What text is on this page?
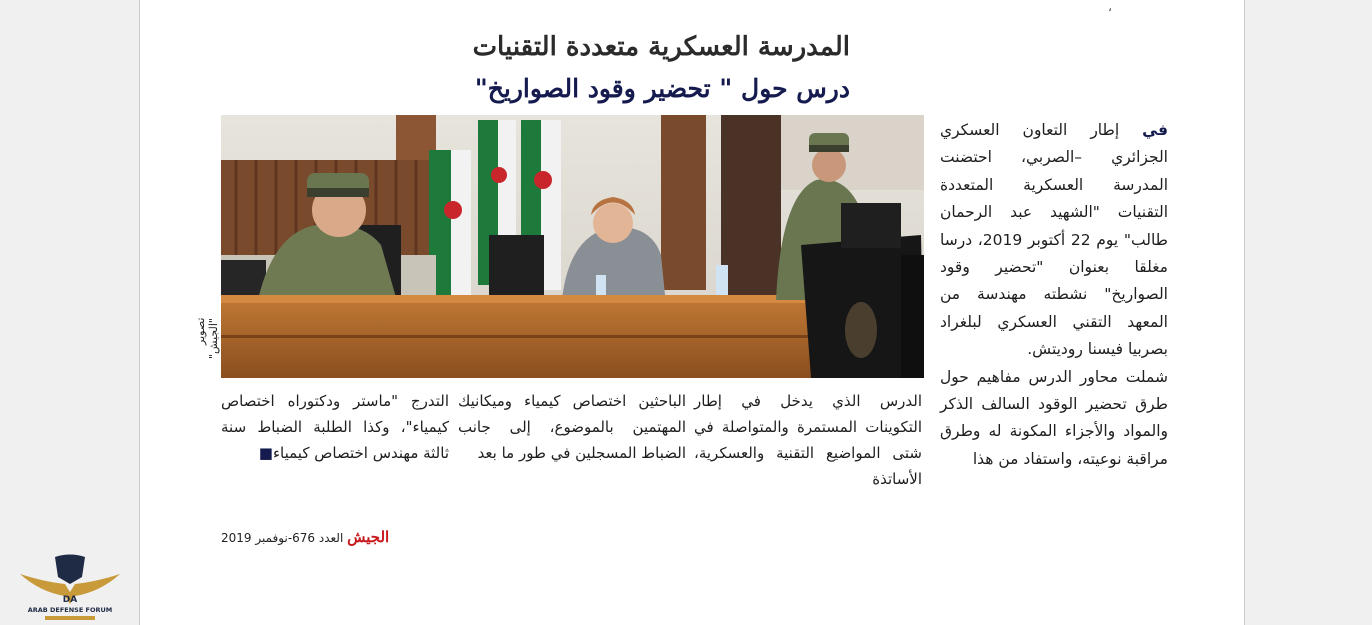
،
المدرسة العسكرية متعددة التقنيات
درس حول " تحضير وقود الصواريخ"
تصوير "الجيش"

في إطار التعاون العسكري الجزائري –الصربي، احتضنت المدرسة العسكرية المتعددة التقنيات "الشهيد عبد الرحمان طالب" يوم 22 أكتوبر 2019، درسا مغلقا بعنوان "تحضير وقود الصواريخ" نشطته مهندسة من المعهد التقني العسكري لبلغراد بصربيا فيسنا روديتش.

شملت محاور الدرس مفاهيم حول طرق تحضير الوقود السالف الذكر والمواد والأجزاء المكونة له وطرق مراقبة نوعيته، واستفاد من هذا

الدرس الذي يدخل في إطار التكوينات المستمرة والمتواصلة في شتى المواضيع التقنية والعسكرية، الأساتذة

الباحثين اختصاص كيمياء وميكانيك المهتمين بالموضوع، إلى جانب الضباط المسجلين في طور ما بعد

التدرج "ماستر ودكتوراه اختصاص كيمياء"، وكذا الطلبة الضباط سنة ثالثة مهندس اختصاص كيمياء■

الجيش العدد 676-نوفمبر 2019
DA
ARAB DEFENSE FORUM
